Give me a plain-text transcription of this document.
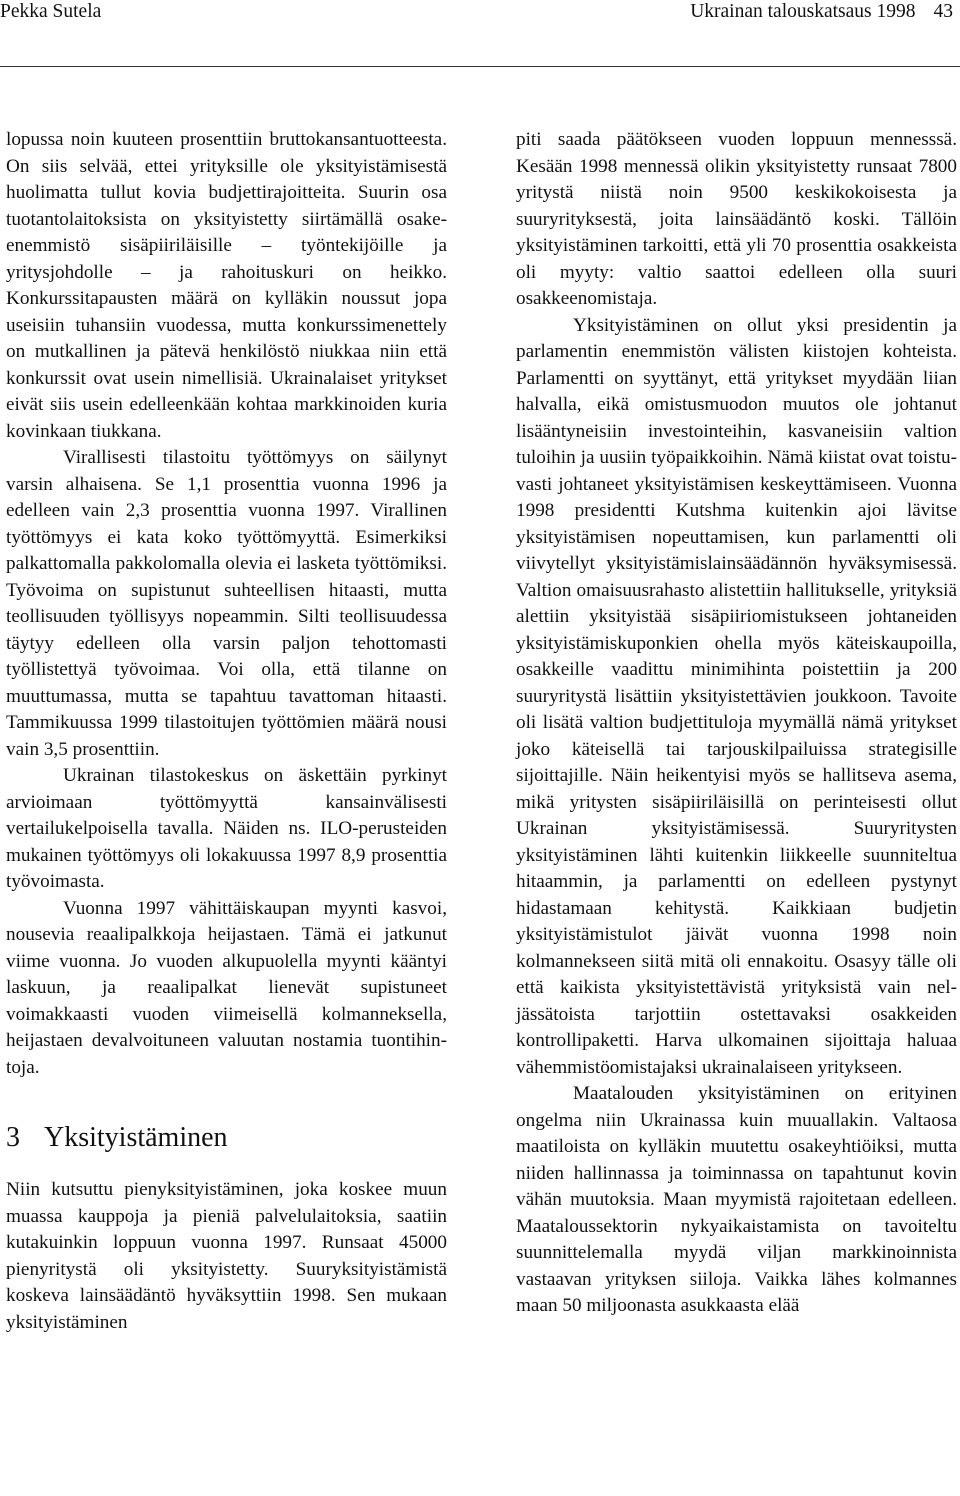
Pekka Sutela	Ukrainan talouskatsaus 1998 43

lopussa noin kuuteen prosenttiin bruttokansantuotteesta. On siis selvää, ettei yrityksille ole yksityistämisestä huolimatta tullut kovia budjettirajoitteita. Suurin osa tuotantolaitoksista on yksityistetty siirtämällä osakeenemmistö sisäpiiriläisille – työntekijöille ja yritysjohdolle – ja rahoituskuri on heikko. Konkurssitapausten määrä on kylläkin noussut jopa useisiin tuhansiin vuodessa, mutta konkurssimenettely on mutkallinen ja pätevä henkilöstö niukkaa niin että konkurssit ovat usein nimellisiä. Ukrainalaiset yritykset eivät siis usein edelleenkään kohtaa markkinoiden kuria kovinkaan tiukkana.

Virallisesti tilastoitu työttömyys on säilynyt varsin alhaisena. Se 1,1 prosenttia vuonna 1996 ja edelleen vain 2,3 prosenttia vuonna 1997. Virallinen työttömyys ei kata koko työttömyyttä. Esimerkiksi palkattomalla pakkolomalla olevia ei lasketa työttömiksi. Työvoima on supistunut suhteellisen hitaasti, mutta teollisuuden työllisyys nopeammin. Silti teollisuudessa täytyy edelleen olla varsin paljon tehottomasti työllistettyä työvoimaa. Voi olla, että tilanne on muuttumassa, mutta se tapahtuu tavattoman hitaasti. Tammikuussa 1999 tilastoitujen työttömien määrä nousi vain 3,5 prosenttiin.

Ukrainan tilastokeskus on äskettäin pyrkinyt arvioimaan työttömyyttä kansainvälisesti vertailukelpoisella tavalla. Näiden ns. ILO-perusteiden mukainen työttömyys oli lokakuussa 1997 8,9 prosenttia työvoimasta.

Vuonna 1997 vähittäiskaupan myynti kasvoi, nousevia reaalipalkkoja heijastaen. Tämä ei jatkunut viime vuonna. Jo vuoden alkupuolella myynti kääntyi laskuun, ja reaalipalkat lienevät supistuneet voimakkaasti vuoden viimeisellä kolmanneksella, heijastaen devalvoituneen valuutan nostamia tuontihintoja.

3 Yksityistäminen

Niin kutsuttu pienyksityistäminen, joka koskee muun muassa kauppoja ja pieniä palvelulaitoksia, saatiin kutakuinkin loppuun vuonna 1997. Runsaat 45000 pienyritystä oli yksityistetty. Suuryksityistämistä koskeva lainsäädäntö hyväksyttiin 1998. Sen mukaan yksityistäminen

piti saada päätökseen vuoden loppuun mennesssä. Kesään 1998 mennessä olikin yksityistetty runsaat 7800 yritystä niistä noin 9500 keskikokoisesta ja suuryrityksestä, joita lainsäädäntö koski. Tällöin yksityistäminen tarkoitti, että yli 70 prosenttia osakkeista oli myyty: valtio saattoi edelleen olla suuri osakkeenomistaja.

Yksityistäminen on ollut yksi presidentin ja parlamentin enemmistön välisten kiistojen kohteista. Parlamentti on syyttänyt, että yritykset myydään liian halvalla, eikä omistusmuodon muutos ole johtanut lisääntyneisiin investointeihin, kasvaneisiin valtion tuloihin ja uusiin työpaikkoihin. Nämä kiistat ovat toistuvasti johtaneet yksityistämisen keskeyttämiseen. Vuonna 1998 presidentti Kutshma kuitenkin ajoi lävitse yksityistämisen nopeuttamisen, kun parlamentti oli viivytellyt yksityistämislainsäädännön hyväksymisessä. Valtion omaisuusrahasto alistettiin hallitukselle, yrityksiä alettiin yksityistää sisäpiiriomistukseen johtaneiden yksityistämiskuponkien ohella myös käteiskaupoilla, osakkeille vaadittu minimihinta poistettiin ja 200 suuryritystä lisättiin yksityistettävien joukkoon. Tavoite oli lisätä valtion budjettituloja myymällä nämä yritykset joko käteisellä tai tarjouskilpailuissa strategisille sijoittajille. Näin heikentyisi myös se hallitseva asema, mikä yritysten sisäpiiriläisillä on perinteisesti ollut Ukrainan yksityistämisessä. Suuryritysten yksityistäminen lähti kuitenkin liikkeelle suunniteltua hitaammin, ja parlamentti on edelleen pystynyt hidastamaan kehitystä. Kaikkiaan budjetin yksityistämistulot jäivät vuonna 1998 noin kolmannekseen siitä mitä oli ennakoitu. Osasyy tälle oli että kaikista yksityistettävistä yrityksistä vain neljässätoista tarjottiin ostettavaksi osakkeiden kontrollipaketti. Harva ulkomainen sijoittaja haluaa vähemmistöomistajaksi ukrainalaiseen yritykseen.

Maatalouden yksityistäminen on erityinen ongelma niin Ukrainassa kuin muuallakin. Valtaosa maatiloista on kylläkin muutettu osakeyhtiöiksi, mutta niiden hallinnassa ja toiminnassa on tapahtunut kovin vähän muutoksia. Maan myymistä rajoitetaan edelleen. Maataloussektorin nykyaikaistamista on tavoiteltu suunnittelemalla myydä viljan markkinoinnista vastaavan yrityksen siiloja. Vaikka lähes kolmannes maan 50 miljoonasta asukkaasta elää
